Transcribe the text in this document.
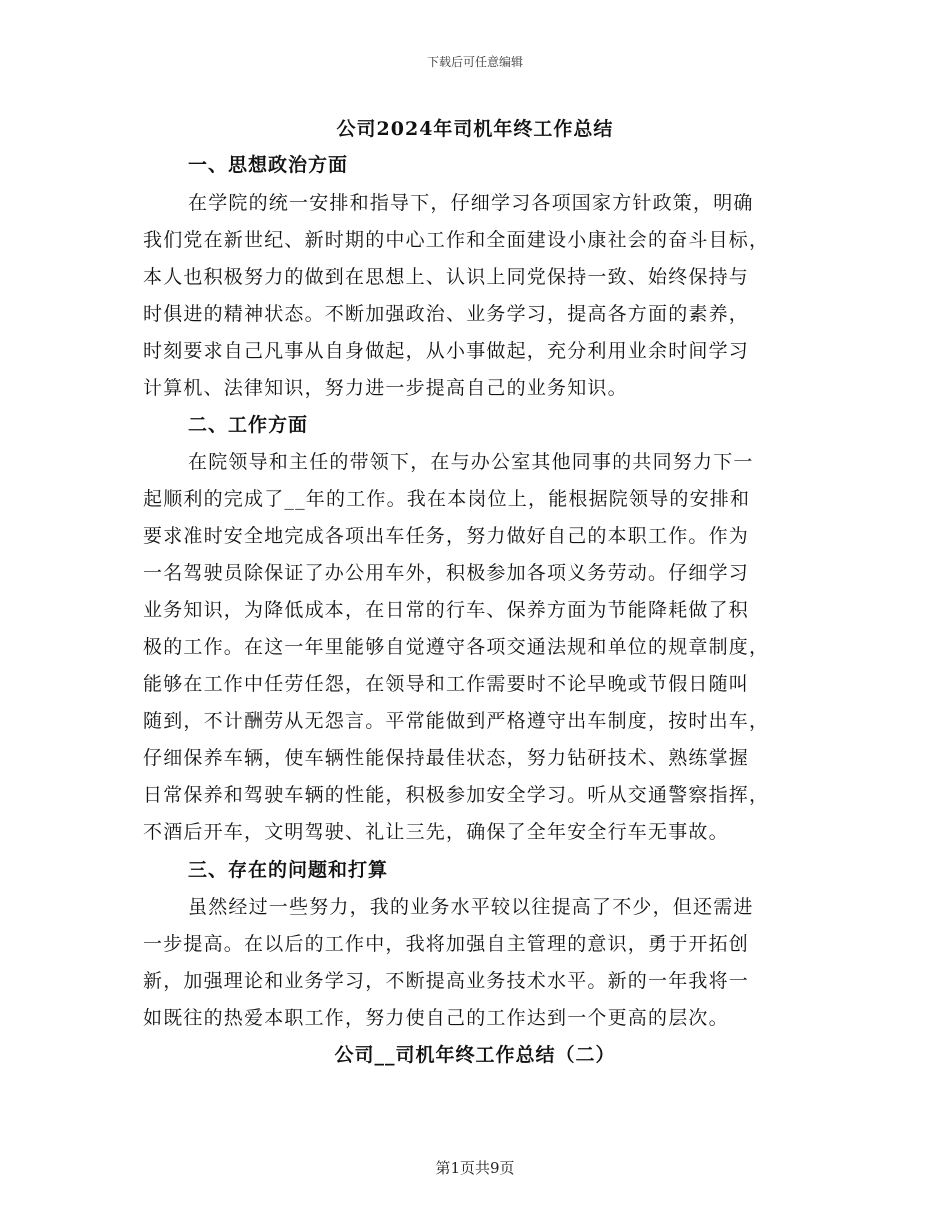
下载后可任意编辑
公司2024年司机年终工作总结
一、思想政治方面
在学院的统一安排和指导下，仔细学习各项国家方针政策，明确
我们党在新世纪、新时期的中心工作和全面建设小康社会的奋斗目标，
本人也积极努力的做到在思想上、认识上同党保持一致、始终保持与
时俱进的精神状态。不断加强政治、业务学习，提高各方面的素养，
时刻要求自己凡事从自身做起，从小事做起，充分利用业余时间学习
计算机、法律知识，努力进一步提高自己的业务知识。
二、工作方面
在院领导和主任的带领下，在与办公室其他同事的共同努力下一
起顺利的完成了__年的工作。我在本岗位上，能根据院领导的安排和
要求准时安全地完成各项出车任务，努力做好自己的本职工作。作为
一名驾驶员除保证了办公用车外，积极参加各项义务劳动。仔细学习
业务知识，为降低成本，在日常的行车、保养方面为节能降耗做了积
极的工作。在这一年里能够自觉遵守各项交通法规和单位的规章制度，
能够在工作中任劳任怨，在领导和工作需要时不论早晚或节假日随叫
随到，不计酬劳从无怨言。平常能做到严格遵守出车制度，按时出车，
仔细保养车辆，使车辆性能保持最佳状态，努力钻研技术、熟练掌握
日常保养和驾驶车辆的性能，积极参加安全学习。听从交通警察指挥，
不酒后开车，文明驾驶、礼让三先，确保了全年安全行车无事故。
三、存在的问题和打算
虽然经过一些努力，我的业务水平较以往提高了不少，但还需进
一步提高。在以后的工作中，我将加强自主管理的意识，勇于开拓创
新，加强理论和业务学习，不断提高业务技术水平。新的一年我将一
如既往的热爱本职工作，努力使自己的工作达到一个更高的层次。
公司__司机年终工作总结（二）
第1页共9页
